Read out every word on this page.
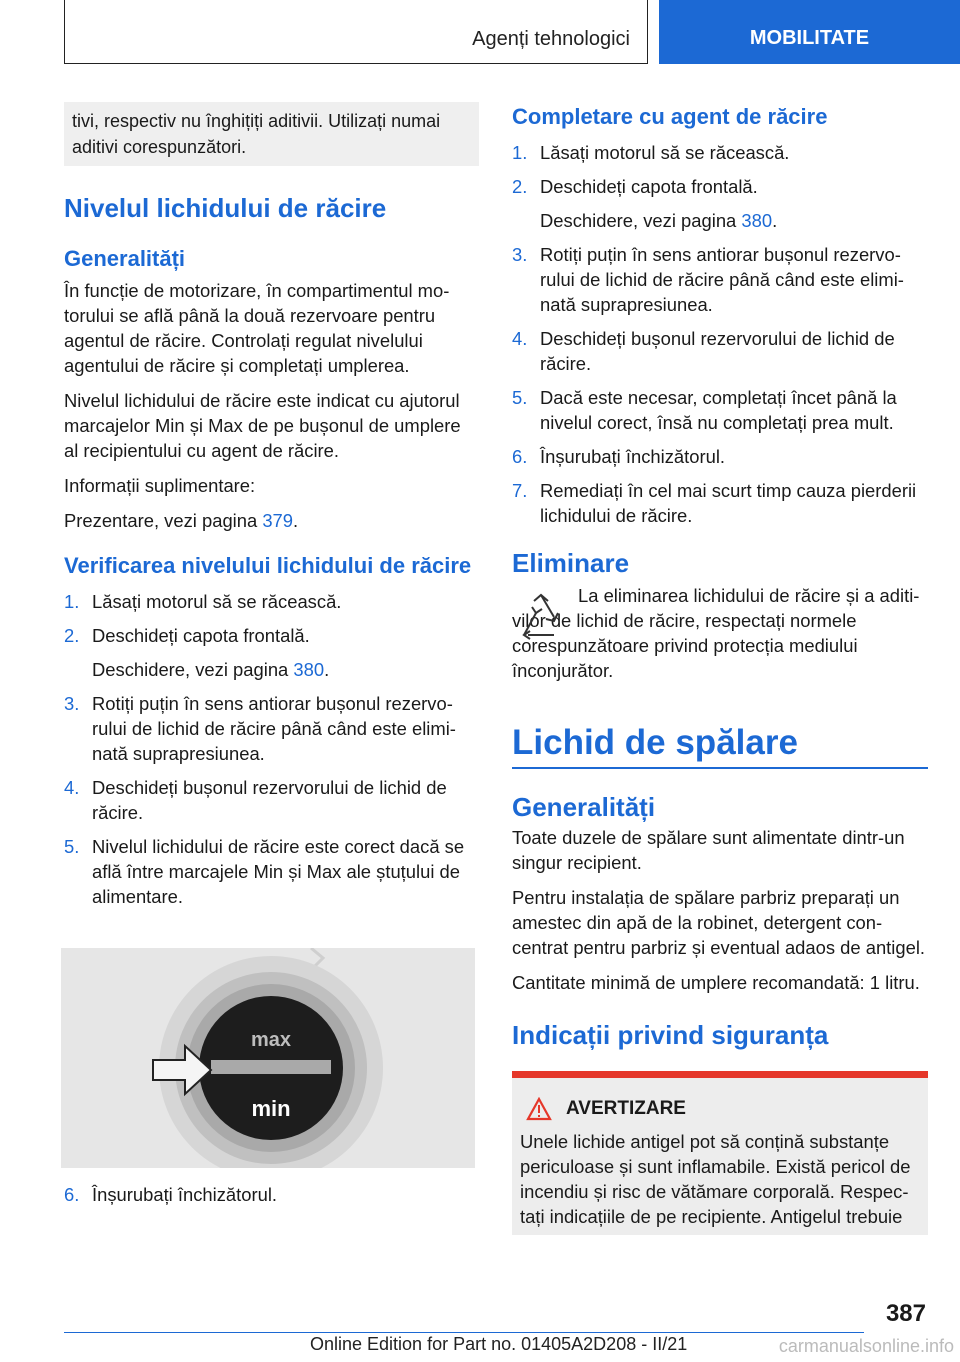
Agenți tehnologici	MOBILITATE
tivi, respectiv nu înghițiți aditivii. Utilizați numai aditivi corespunzători.
Nivelul lichidului de răcire
Generalități

În funcție de motorizare, în compartimentul motorului se află până la două rezervoare pentru agentul de răcire. Controlați regulat nivelului agentului de răcire și completați umplerea.

Nivelul lichidului de răcire este indicat cu ajutorul marcajelor Min și Max de pe bușonul de umplere al recipientului cu agent de răcire.

Informații suplimentare:

Prezentare, vezi pagina 379.

Verificarea nivelului lichidului de răcire
1. Lăsați motorul să se răcească.
2. Deschideți capota frontală.
Deschidere, vezi pagina 380.
3. Rotiți puțin în sens antiorar bușonul rezervorului de lichid de răcire până când este eliminată suprapresiunea.
4. Deschideți bușonul rezervorului de lichid de răcire.
5. Nivelul lichidului de răcire este corect dacă se află între marcajele Min și Max ale ștuțului de alimentare.
max
min
6. Înșurubați închizătorul.
Completare cu agent de răcire
1. Lăsați motorul să se răcească.
2. Deschideți capota frontală.
Deschidere, vezi pagina 380.
3. Rotiți puțin în sens antiorar bușonul rezervorului de lichid de răcire până când este eliminată suprapresiunea.
4. Deschideți bușonul rezervorului de lichid de răcire.
5. Dacă este necesar, completați încet până la nivelul corect, însă nu completați prea mult.
6. Înșurubați închizătorul.
7. Remediați în cel mai scurt timp cauza pierderii lichidului de răcire.
Eliminare

La eliminarea lichidului de răcire și a aditivilor de lichid de răcire, respectați normele corespunzătoare privind protecția mediului înconjurător.

Lichid de spălare
Generalități

Toate duzele de spălare sunt alimentate dintr-un singur recipient.

Pentru instalația de spălare parbriz preparați un amestec din apă de la robinet, detergent concentrat pentru parbriz și eventual adaos de antigel.

Cantitate minimă de umplere recomandată: 1 litru.

Indicații privind siguranța
AVERTIZARE
Unele lichide antigel pot să conțină substanțe periculoase și sunt inflamabile. Există pericol de incendiu și risc de vătămare corporală. Respectați indicațiile de pe recipiente. Antigelul trebuie
387
Online Edition for Part no. 01405A2D208 - II/21	carmanualsonline.info
